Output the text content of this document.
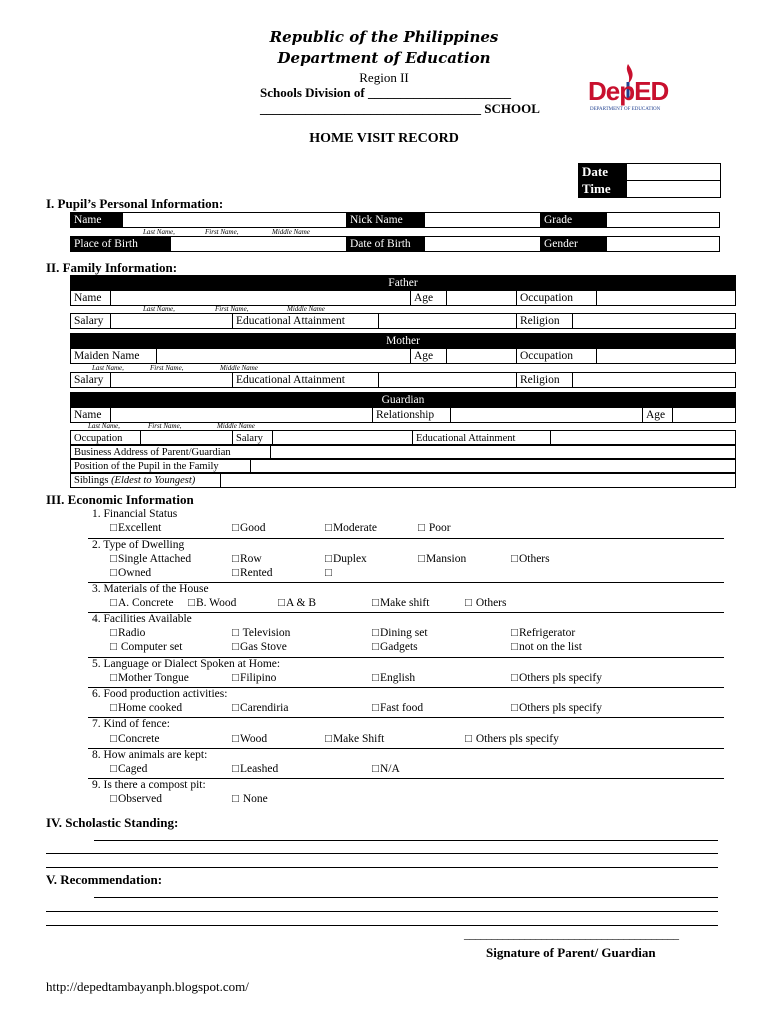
Republic of the Philippines
Department of Education
Region II
Schools Division of ______________________
__________________________________ SCHOOL
HOME VISIT RECORD
DepED
DEPARTMENT OF EDUCATION
Date	
Time	
I. Pupil’s Personal Information:
Name		Nick Name		Grade	
Last Name,	First Name,	Middle Name
Place of Birth		Date of Birth		Gender	
II. Family Information:
Father
Name		Age		Occupation	
Last Name,	First Name,	Middle Name
Salary		Educational Attainment		Religion	
Mother
Maiden Name		Age		Occupation	
Last Name,	First Name,	Middle Name
Salary		Educational Attainment		Religion	
Guardian
Name		Relationship		Age	
Last Name,	First Name,	Middle Name
Occupation		Salary		Educational Attainment	
Business Address of Parent/Guardian	
Position of the Pupil in the Family	
Siblings (Eldest to Youngest)	
III. Economic Information
1. Financial Status
□ Excellent	□ Good	□ Moderate	□ Poor
2. Type of Dwelling
□ Single Attached	□ Row	□ Duplex	□ Mansion	□ Others
□ Owned	□ Rented
□
3. Materials of the House
□ A. Concrete	□ B. Wood	□ A & B	□ Make shift	□ Others
4. Facilities Available
□ Radio	□ Television	□ Dining set	□ Refrigerator
□ Computer set	□ Gas Stove	□ Gadgets	□ not on the list
5. Language or Dialect Spoken at Home:
□ Mother Tongue	□ Filipino	□ English	□ Others pls specify
6. Food production activities:
□ Home cooked	□ Carendiria	□ Fast food	□ Others pls specify
7. Kind of fence:
□ Concrete	□ Wood	□ Make Shift	□ Others pls specify
8. How animals are kept:
□ Caged	□ Leashed	□ N/A
9. Is there a compost pit:
□ Observed	□ None
IV. Scholastic Standing:
V. Recommendation:
_______________________________________
Signature of Parent/ Guardian
http://depedtambayanph.blogspot.com/
